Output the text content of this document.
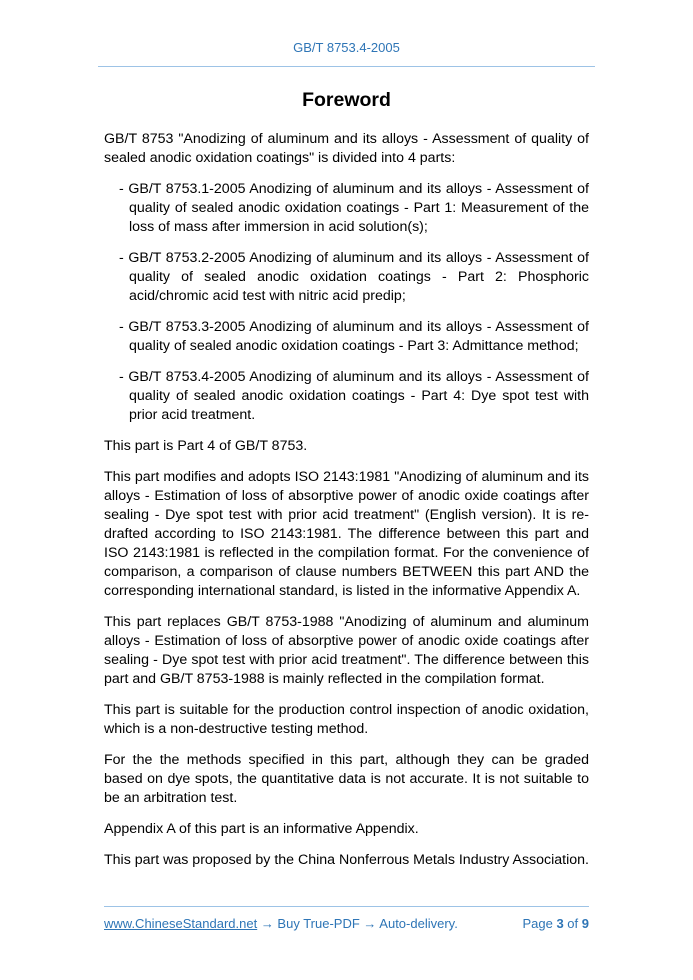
GB/T 8753.4-2005
Foreword

GB/T 8753 "Anodizing of aluminum and its alloys - Assessment of quality of sealed anodic oxidation coatings" is divided into 4 parts:

- GB/T 8753.1-2005 Anodizing of aluminum and its alloys - Assessment of quality of sealed anodic oxidation coatings - Part 1: Measurement of the loss of mass after immersion in acid solution(s);
- GB/T 8753.2-2005 Anodizing of aluminum and its alloys - Assessment of quality of sealed anodic oxidation coatings - Part 2: Phosphoric acid/chromic acid test with nitric acid predip;
- GB/T 8753.3-2005 Anodizing of aluminum and its alloys - Assessment of quality of sealed anodic oxidation coatings - Part 3: Admittance method;
- GB/T 8753.4-2005 Anodizing of aluminum and its alloys - Assessment of quality of sealed anodic oxidation coatings - Part 4: Dye spot test with prior acid treatment.

This part is Part 4 of GB/T 8753.

This part modifies and adopts ISO 2143:1981 "Anodizing of aluminum and its alloys - Estimation of loss of absorptive power of anodic oxide coatings after sealing - Dye spot test with prior acid treatment" (English version). It is re-drafted according to ISO 2143:1981. The difference between this part and ISO 2143:1981 is reflected in the compilation format. For the convenience of comparison, a comparison of clause numbers BETWEEN this part AND the corresponding international standard, is listed in the informative Appendix A.

This part replaces GB/T 8753-1988 "Anodizing of aluminum and aluminum alloys - Estimation of loss of absorptive power of anodic oxide coatings after sealing - Dye spot test with prior acid treatment". The difference between this part and GB/T 8753-1988 is mainly reflected in the compilation format.

This part is suitable for the production control inspection of anodic oxidation, which is a non-destructive testing method.

For the the methods specified in this part, although they can be graded based on dye spots, the quantitative data is not accurate. It is not suitable to be an arbitration test.

Appendix A of this part is an informative Appendix.

This part was proposed by the China Nonferrous Metals Industry Association.

www.ChineseStandard.net → Buy True-PDF → Auto-delivery.	Page 3 of 9
